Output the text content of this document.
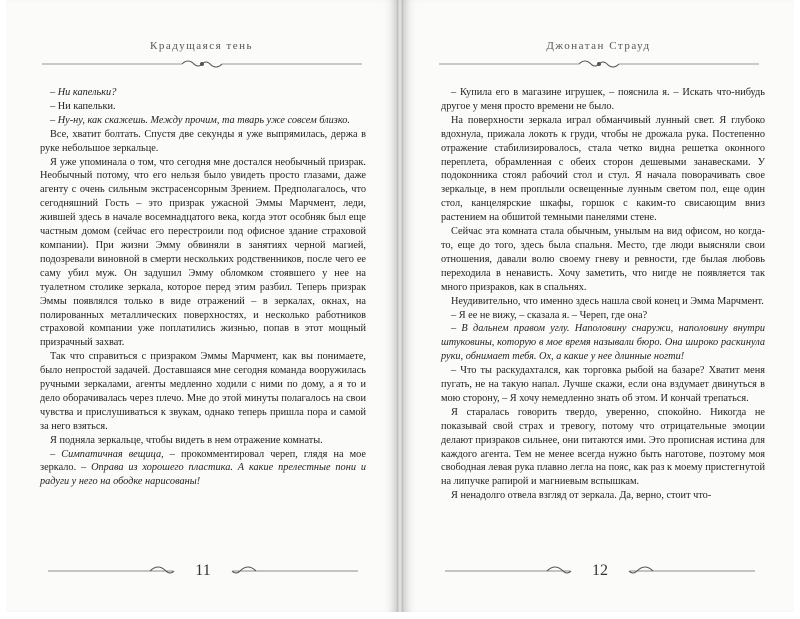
Крадущаяся тень

– Ни капельки?

– Ни капельки.

– Ну-ну, как скажешь. Между прочим, та тварь уже совсем близко.

Все, хватит болтать. Спустя две секунды я уже выпрямилась, держа в руке небольшое зеркальце.

Я уже упоминала о том, что сегодня мне достался необычный призрак. Необычный потому, что его нельзя было увидеть просто глазами, даже агенту с очень сильным экстрасенсорным Зрением. Предполагалось, что сегодняшний Гость – это призрак ужасной Эммы Марчмент, леди, жившей здесь в начале восемнадцатого века, когда этот особняк был еще частным домом (сейчас его перестроили под офисное здание страховой компании). При жизни Эмму обвиняли в занятиях черной магией, подозревали виновной в смерти нескольких родственников, после чего ее саму убил муж. Он задушил Эмму обломком стоявшего у нее на туалетном столике зеркала, которое перед этим разбил. Теперь призрак Эммы появлялся только в виде отражений – в зеркалах, окнах, на полированных металлических поверхностях, и несколько работников страховой компании уже поплатились жизнью, попав в этот мощный призрачный захват.

Так что справиться с призраком Эммы Марчмент, как вы понимаете, было непростой задачей. Доставшаяся мне сегодня команда вооружилась ручными зеркалами, агенты медленно ходили с ними по дому, а я то и дело оборачивалась через плечо. Мне до этой минуты полагалось на свои чувства и прислушиваться к звукам, однако теперь пришла пора и самой за него взяться.

Я подняла зеркальце, чтобы видеть в нем отражение комнаты.

– Симпатичная вещица, – прокомментировал череп, глядя на мое зеркало. – Оправа из хорошего пластика. А какие прелестные пони и радуги у него на ободке нарисованы!

11
Джонатан Страуд

– Купила его в магазине игрушек, – пояснила я. – Искать что-нибудь другое у меня просто времени не было.

На поверхности зеркала играл обманчивый лунный свет. Я глубоко вдохнула, прижала локоть к груди, чтобы не дрожала рука. Постепенно отражение стабилизировалось, стала четко видна решетка оконного переплета, обрамленная с обеих сторон дешевыми занавесками. У подоконника стоял рабочий стол и стул. Я начала поворачивать свое зеркальце, в нем проплыли освещенные лунным светом пол, еще один стол, канцелярские шкафы, горшок с каким-то свисающим вниз растением на обшитой темными панелями стене.

Сейчас эта комната стала обычным, унылым на вид офисом, но когда-то, еще до того, здесь была спальня. Место, где люди выясняли свои отношения, давали волю своему гневу и ревности, где былая любовь переходила в ненависть. Хочу заметить, что нигде не появляется так много призраков, как в спальнях.

Неудивительно, что именно здесь нашла свой конец и Эмма Марчмент.

– Я ее не вижу, – сказала я. – Череп, где она?

– В дальнем правом углу. Наполовину снаружи, наполовину внутри штуковины, которую в мое время называли бюро. Она широко раскинула руки, обнимает тебя. Ох, а какие у нее длинные ногти!

– Что ты раскудахтался, как торговка рыбой на базаре? Хватит меня пугать, не на такую напал. Лучше скажи, если она вздумает двинуться в мою сторону, – Я хочу немедленно знать об этом. И кончай трепаться.

Я старалась говорить твердо, уверенно, спокойно. Никогда не показывай свой страх и тревогу, потому что отрицательные эмоции делают призраков сильнее, они питаются ими. Это прописная истина для каждого агента. Тем не менее всегда нужно быть наготове, поэтому моя свободная левая рука плавно легла на пояс, как раз к моему пристегнутой на липучке рапирой и магниевым вспышкам.

Я ненадолго отвела взгляд от зеркала. Да, верно, стоит что-

12
